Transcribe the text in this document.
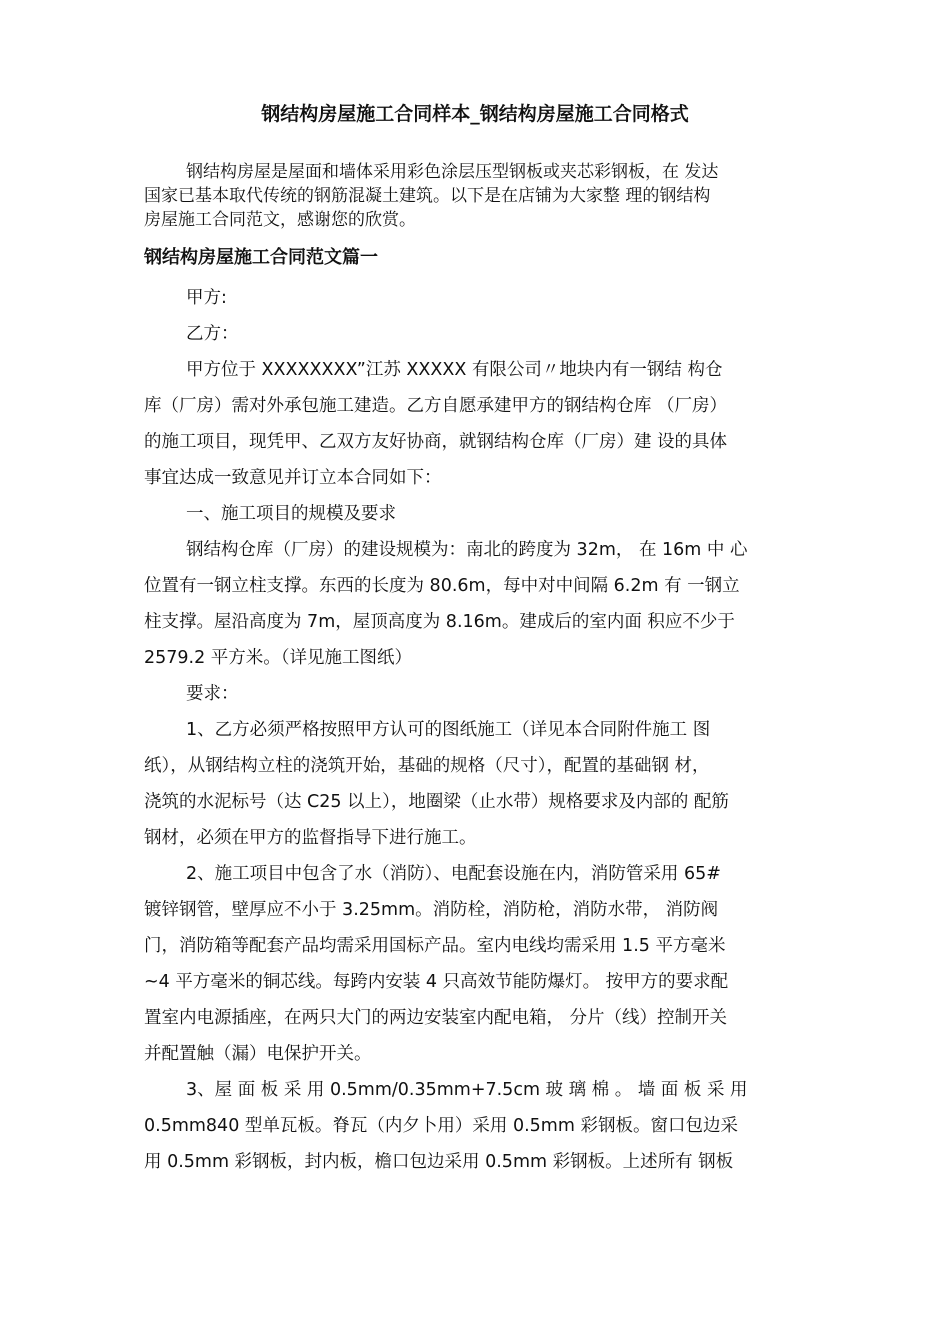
钢结构房屋施工合同样本_钢结构房屋施工合同格式
钢结构房屋是屋面和墙体采用彩色涂层压型钢板或夹芯彩钢板，在 发达
国家已基本取代传统的钢筋混凝土建筑。以下是在店铺为大家整 理的钢结构
房屋施工合同范文，感谢您的欣赏。
钢结构房屋施工合同范文篇一
甲方:
乙方：
甲方位于 XXXXXXXX”江苏 XXXXX 有限公司〃地块内有一钢结 构仓
库（厂房）需对外承包施工建造。乙方自愿承建甲方的钢结构仓库 （厂房）
的施工项目，现凭甲、乙双方友好协商，就钢结构仓库（厂房）建 设的具体
事宜达成一致意见并订立本合同如下：
一、施工项目的规模及要求
钢结构仓库（厂房）的建设规模为：南北的跨度为 32m， 在 16m 中 心
位置有一钢立柱支撑。东西的长度为 80.6m，每中对中间隔 6.2m 有 一钢立
柱支撑。屋沿高度为 7m，屋顶高度为 8.16m。建成后的室内面 积应不少于
2579.2 平方米。（详见施工图纸）
要求：
1、乙方必须严格按照甲方认可的图纸施工（详见本合同附件施工 图
纸），从钢结构立柱的浇筑开始，基础的规格（尺寸），配置的基础钢 材，
浇筑的水泥标号（达 C25 以上），地圈梁（止水带）规格要求及内部的 配筋
钢材，必须在甲方的监督指导下进行施工。
2、施工项目中包含了水（消防）、电配套设施在内，消防管采用 65#
镀锌钢管，壁厚应不小于 3.25mm。消防栓，消防枪，消防水带， 消防阀
门，消防箱等配套产品均需采用国标产品。室内电线均需采用 1.5 平方毫米
~4 平方毫米的铜芯线。每跨内安装 4 只高效节能防爆灯。 按甲方的要求配
置室内电源插座，在两只大门的两边安装室内配电箱， 分片（线）控制开关
并配置触（漏）电保护开关。
3、屋 面 板 采 用 0.5mm/0.35mm+7.5cm 玻 璃 棉 。 墙 面 板 采 用
0.5mm840 型单瓦板。脊瓦（内夕卜用）采用 0.5mm 彩钢板。窗口包边采
用 0.5mm 彩钢板，封内板，檐口包边采用 0.5mm 彩钢板。上述所有 钢板
